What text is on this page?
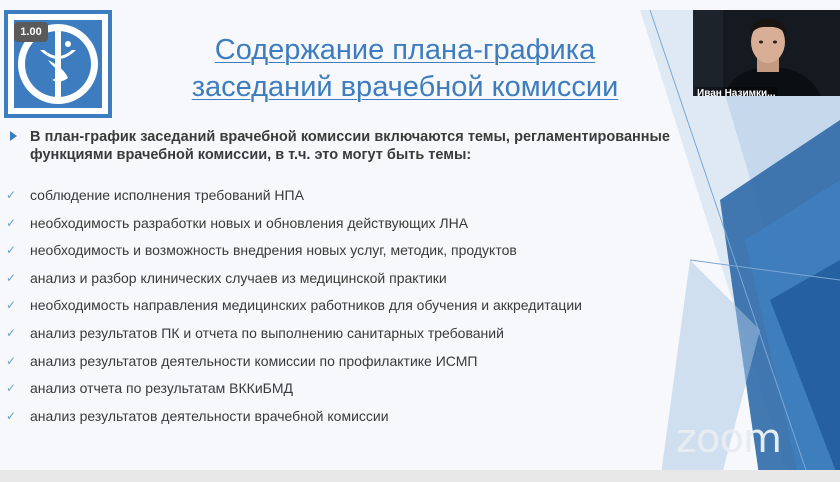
Содержание плана-графика
заседаний врачебной комиссии
В план-график заседаний врачебной комиссии включаются темы, регламентированные функциями врачебной комиссии, в т.ч. это могут быть темы:
✓ соблюдение исполнения требований НПА
✓ необходимость разработки новых и обновления действующих ЛНА
✓ необходимость и возможность внедрения новых услуг, методик, продуктов
✓ анализ и разбор клинических случаев из медицинской практики
✓ необходимость направления медицинских работников для обучения и аккредитации
✓ анализ результатов ПК и отчета по выполнению санитарных требований
✓ анализ результатов деятельности комиссии по профилактике ИСМП
✓ анализ отчета по результатам ВККиБМД
✓ анализ результатов деятельности врачебной комиссии
zoom
1.00
Иван Назимки...
